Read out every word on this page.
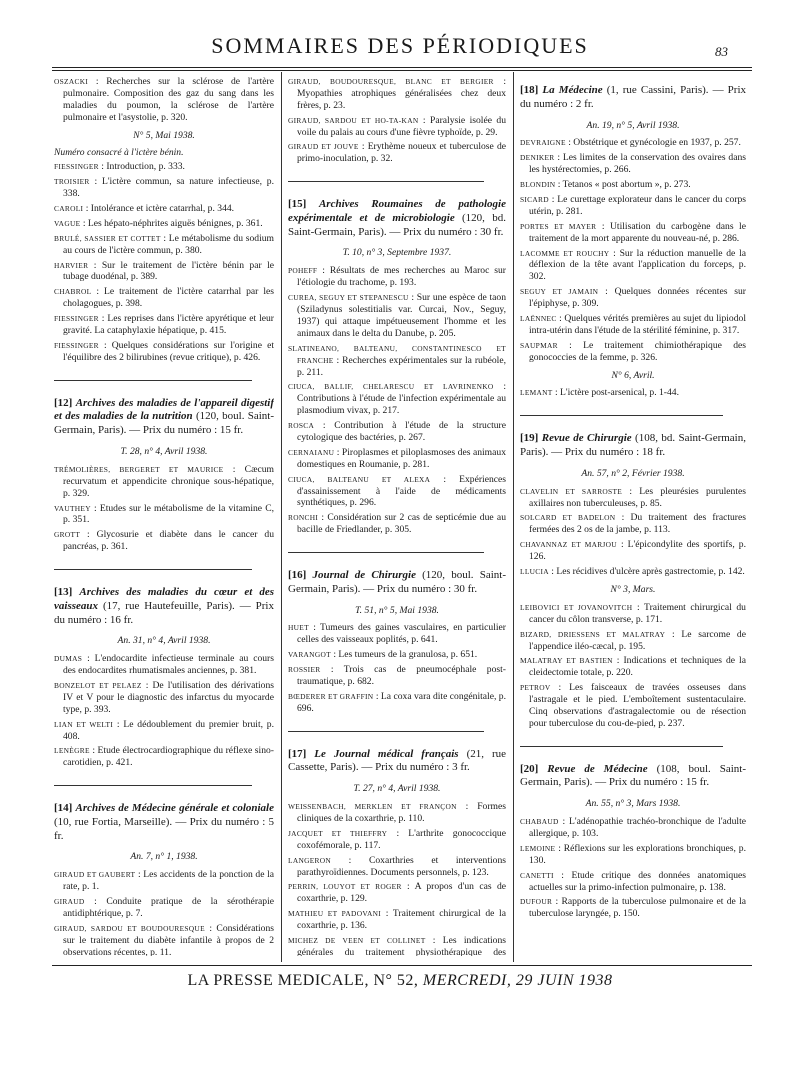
SOMMAIRES DES PÉRIODIQUES	83
OSZACKI : Recherches sur la sclérose de l'artère pulmonaire. Composition des gaz du sang dans les maladies du poumon, la sclérose de l'artère pulmonaire et l'asystolie, p. 320.
N° 5, Mai 1938.
Numéro consacré à l'ictère bénin.
FIESSINGER : Introduction, p. 333.
TROISIER : L'ictère commun, sa nature infectieuse, p. 338.
CAROLI : Intolérance et ictère catarrhal, p. 344.
VAGUE : Les hépato-néphrites aiguës bénignes, p. 361.
BRULÉ, SASSIER ET COTTET : Le métabolisme du sodium au cours de l'ictère commun, p. 380.
HARVIER : Sur le traitement de l'ictère bénin par le tubage duodénal, p. 389.
CHABROL : Le traitement de l'ictère catarrhal par les cholagogues, p. 398.
FIESSINGER : Les reprises dans l'ictère apyrétique et leur gravité. La cataphylaxie hépatique, p. 415.
FIESSINGER : Quelques considérations sur l'origine et l'équilibre des 2 bilirubines (revue critique), p. 426.
[12] Archives des maladies de l'appareil digestif et des maladies de la nutrition (120, boul. Saint-Germain, Paris). — Prix du numéro : 15 fr.
T. 28, n° 4, Avril 1938.
TRÉMOLIÈRES, BERGERET ET MAURICE : Cæcum recurvatum et appendicite chronique sous-hépatique, p. 329.
VAUTHEY : Etudes sur le métabolisme de la vitamine C, p. 351.
GROTT : Glycosurie et diabète dans le cancer du pancréas, p. 361.
[13] Archives des maladies du cœur et des vaisseaux (17, rue Hautefeuille, Paris). — Prix du numéro : 16 fr.
An. 31, n° 4, Avril 1938.
DUMAS : L'endocardite infectieuse terminale au cours des endocardites rhumatismales anciennes, p. 381.
BONZELOT ET PELAEZ : De l'utilisation des dérivations IV et V pour le diagnostic des infarctus du myocarde type, p. 393.
LIAN ET WELTI : Le dédoublement du premier bruit, p. 408.
LENÈGRE : Etude électrocardiographique du réflexe sino-carotidien, p. 421.
[14] Archives de Médecine générale et coloniale (10, rue Fortia, Marseille). — Prix du numéro : 5 fr.
An. 7, n° 1, 1938.
GIRAUD ET GAUBERT : Les accidents de la ponction de la rate, p. 1.
GIRAUD : Conduite pratique de la sérothérapie antidiphtérique, p. 7.
GIRAUD, SARDOU ET BOUDOURESQUE : Considérations sur le traitement du diabète infantile à propos de 2 observations récentes, p. 11.
GIRAUD, BOUDOURESQUE, BLANC ET BERGIER : Myopathies atrophiques généralisées chez deux frères, p. 23.
GIRAUD, SARDOU ET HO-TA-KAN : Paralysie isolée du voile du palais au cours d'une fièvre typhoïde, p. 29.
GIRAUD ET JOUVE : Erythème noueux et tuberculose de primo-inoculation, p. 32.
[15] Archives Roumaines de pathologie expérimentale et de microbiologie (120, bd. Saint-Germain, Paris). — Prix du numéro : 30 fr.
T. 10, n° 3, Septembre 1937.
POHEFF : Résultats de mes recherches au Maroc sur l'étiologie du trachome, p. 193.
CUREA, SEGUY ET STEPANESCU : Sur une espèce de taon (Sziladynus solestitialis var. Curcai, Nov., Seguy, 1937) qui attaque impétueusement l'homme et les animaux dans le delta du Danube, p. 205.
SLATINEANO, BALTEANU, CONSTANTINESCO ET FRANCHE : Recherches expérimentales sur la rubéole, p. 211.
CIUCA, BALLIF, CHELARESCU ET LAVRINENKO : Contributions à l'étude de l'infection expérimentale au plasmodium vivax, p. 217.
ROSCA : Contribution à l'étude de la structure cytologique des bactéries, p. 267.
CERNAIANU : Piroplasmes et piloplasmoses des animaux domestiques en Roumanie, p. 281.
CIUCA, BALTEANU ET ALEXA : Expériences d'assainissement à l'aide de médicaments synthétiques, p. 296.
RONCHI : Considération sur 2 cas de septicémie due au bacille de Friedlander, p. 305.
[16] Journal de Chirurgie (120, boul. Saint-Germain, Paris). — Prix du numéro : 30 fr.
T. 51, n° 5, Mai 1938.
HUET : Tumeurs des gaines vasculaires, en particulier celles des vaisseaux poplités, p. 641.
VARANGOT : Les tumeurs de la granulosa, p. 651.
ROSSIER : Trois cas de pneumocéphale post-traumatique, p. 682.
BŒDERER ET GRAFFIN : La coxa vara dite congénitale, p. 696.
[17] Le Journal médical français (21, rue Cassette, Paris). — Prix du numéro : 3 fr.
T. 27, n° 4, Avril 1938.
WEISSENBACH, MERKLEN ET FRANÇON : Formes cliniques de la coxarthrie, p. 110.
JACQUET ET THIEFFRY : L'arthrite gonococcique coxofémorale, p. 117.
LANGERON : Coxarthries et interventions parathyroïdiennes. Documents personnels, p. 123.
PERRIN, LOUYOT ET ROGER : A propos d'un cas de coxarthrie, p. 129.
MATHIEU ET PADOVANI : Traitement chirurgical de la coxarthrie, p. 136.
MICHEZ DE VEEN ET COLLINET : Les indications générales du traitement physiothérapique des
[18] La Médecine (1, rue Cassini, Paris). — Prix du numéro : 2 fr.
An. 19, n° 5, Avril 1938.
DEVRAIGNE : Obstétrique et gynécologie en 1937, p. 257.
DENIKER : Les limites de la conservation des ovaires dans les hystérectomies, p. 266.
BLONDIN : Tetanos « post abortum », p. 273.
SICARD : Le curettage explorateur dans le cancer du corps utérin, p. 281.
PORTES ET MAYER : Utilisation du carbogène dans le traitement de la mort apparente du nouveau-né, p. 286.
LACOMME ET ROUCHY : Sur la réduction manuelle de la déflexion de la tête avant l'application du forceps, p. 302.
SEGUY ET JAMAIN : Quelques données récentes sur l'épiphyse, p. 309.
LAËNNEC : Quelques vérités premières au sujet du lipiodol intra-utérin dans l'étude de la stérilité féminine, p. 317.
SAUPMAR : Le traitement chimiothérapique des gonococcies de la femme, p. 326.
N° 6, Avril.
LEMANT : L'ictère post-arsenical, p. 1-44.
[19] Revue de Chirurgie (108, bd. Saint-Germain, Paris). — Prix du numéro : 18 fr.
An. 57, n° 2, Février 1938.
CLAVELIN ET SARROSTE : Les pleurésies purulentes axillaires non tuberculeuses, p. 85.
SOLCARD ET BADELON : Du traitement des fractures fermées des 2 os de la jambe, p. 113.
CHAVANNAZ ET MARJOU : L'épicondylite des sportifs, p. 126.
LLUCIA : Les récidives d'ulcère après gastrectomie, p. 142.
N° 3, Mars.
LEIBOVICI ET JOVANOVITCH : Traitement chirurgical du cancer du côlon transverse, p. 171.
BIZARD, DRIESSENS ET MALATRAY : Le sarcome de l'appendice iléo-cæcal, p. 195.
MALATRAY ET BASTIEN : Indications et techniques de la cleidectomie totale, p. 220.
PETROV : Les faisceaux de travées osseuses dans l'astragale et le pied. L'emboîtement sustentaculaire. Cinq observations d'astragalectomie ou de résection pour tuberculose du cou-de-pied, p. 237.
[20] Revue de Médecine (108, boul. Saint-Germain, Paris). — Prix du numéro : 15 fr.
An. 55, n° 3, Mars 1938.
CHABAUD : L'adénopathie trachéo-bronchique de l'adulte allergique, p. 103.
LEMOINE : Réflexions sur les explorations bronchiques, p. 130.
CANETTI : Etude critique des données anatomiques actuelles sur la primo-infection pulmonaire, p. 138.
DUFOUR : Rapports de la tuberculose pulmonaire et de la tuberculose laryngée, p. 150.
LA PRESSE MEDICALE, N° 52, MERCREDI, 29 JUIN 1938
